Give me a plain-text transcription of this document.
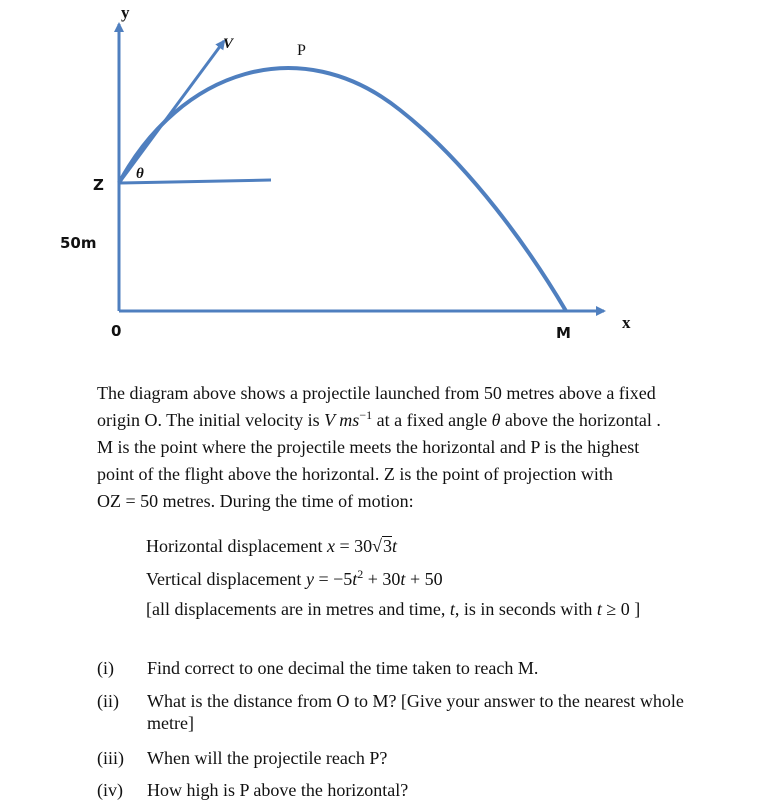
y
V	P
θ
Z
50m
0	M
x

The diagram above shows a projectile launched from 50 metres above a fixed

origin O. The initial velocity is V $ms^{-1}$ at a fixed angle θ above the horizontal .

M is the point where the projectile meets the horizontal and P is the highest

point of the flight above the horizontal. Z is the point of projection with

OZ = 50 metres. During the time of motion:

Horizontal displacement x = 30√3t
Vertical displacement $y = -5t^2 + 30t + 50$
[all displacements are in metres and time, t, is in seconds with t ≥ 0 ]
(i)	Find correct to one decimal the time taken to reach M.
(ii)	What is the distance from O to M? [Give your answer to the nearest whole metre]
(iii)	When will the projectile reach P?
(iv)	How high is P above the horizontal?
